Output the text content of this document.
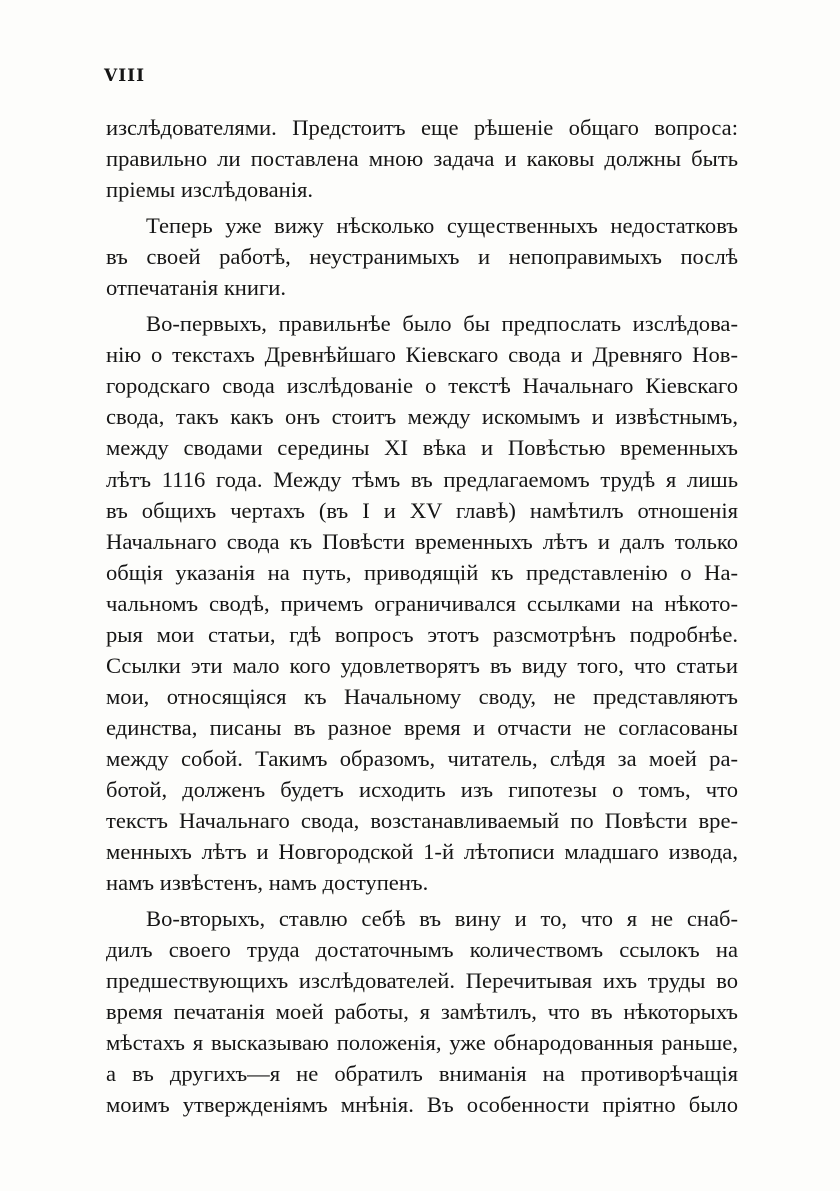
VIII
изслѣдователями. Предстоитъ еще рѣшеніе общаго вопроса:
правильно ли поставлена мною задача и каковы должны быть
пріемы изслѣдованія.
Теперь уже вижу нѣсколько существенныхъ недостатковъ
въ своей работѣ, неустранимыхъ и непоправимыхъ послѣ
отпечатанія книги.
Во-первыхъ, правильнѣе было бы предпослать изслѣдова-
нію о текстахъ Древнѣйшаго Кіевскаго свода и Древняго Нов-
городскаго свода изслѣдованіе о текстѣ Начальнаго Кіевскаго
свода, такъ какъ онъ стоитъ между искомымъ и извѣстнымъ,
между сводами середины XI вѣка и Повѣстью временныхъ
лѣтъ 1116 года. Между тѣмъ въ предлагаемомъ трудѣ я лишь
въ общихъ чертахъ (въ I и XV главѣ) намѣтилъ отношенія
Начальнаго свода къ Повѣсти временныхъ лѣтъ и далъ только
общія указанія на путь, приводящій къ представленію о На-
чальномъ сводѣ, причемъ ограничивался ссылками на нѣкото-
рыя мои статьи, гдѣ вопросъ этотъ разсмотрѣнъ подробнѣе.
Ссылки эти мало кого удовлетворятъ въ виду того, что статьи
мои, относящіяся къ Начальному своду, не представляютъ
единства, писаны въ разное время и отчасти не согласованы
между собой. Такимъ образомъ, читатель, слѣдя за моей ра-
ботой, долженъ будетъ исходить изъ гипотезы о томъ, что
текстъ Начальнаго свода, возстанавливаемый по Повѣсти вре-
менныхъ лѣтъ и Новгородской 1-й лѣтописи младшаго извода,
намъ извѣстенъ, намъ доступенъ.
Во-вторыхъ, ставлю себѣ въ вину и то, что я не снаб-
дилъ своего труда достаточнымъ количествомъ ссылокъ на
предшествующихъ изслѣдователей. Перечитывая ихъ труды во
время печатанія моей работы, я замѣтилъ, что въ нѣкоторыхъ
мѣстахъ я высказываю положенія, уже обнародованныя раньше,
а въ другихъ—я не обратилъ вниманія на противорѣчащія
моимъ утвержденіямъ мнѣнія. Въ особенности пріятно было
